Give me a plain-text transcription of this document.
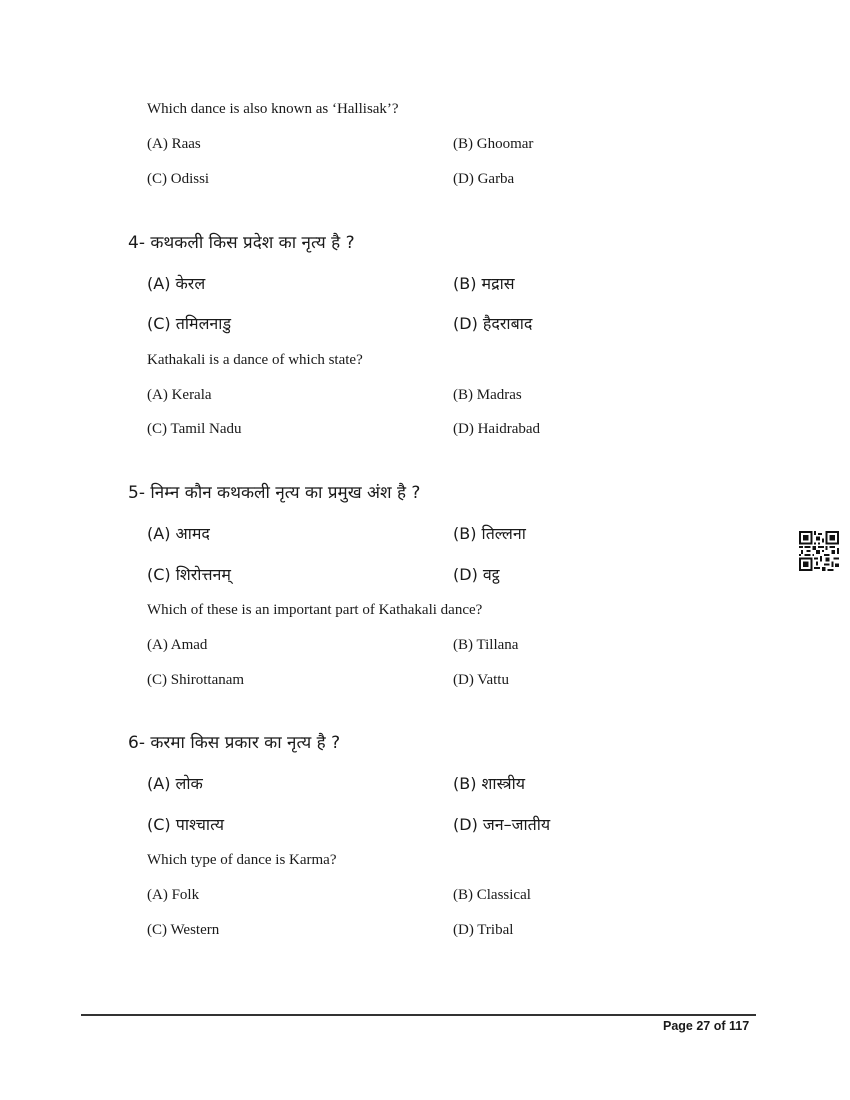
Which dance is also known as ‘Hallisak’?
(A) Raas	(B) Ghoomar
(C) Odissi	(D) Garba
4- कथकली किस प्रदेश का नृत्य है ?
(A) केरल	(B) मद्रास
(C) तमिलनाडु	(D) हैदराबाद
Kathakali is a dance of which state?
(A) Kerala	(B) Madras
(C) Tamil Nadu	(D) Haidrabad
5- निम्न कौन कथकली नृत्य का प्रमुख अंश है ?
(A) आमद	(B) तिल्लना
(C) शिरोत्तनम्	(D) वट्ठ
Which of these is an important part of Kathakali dance?
(A) Amad	(B) Tillana
(C) Shirottanam	(D) Vattu
6- करमा किस प्रकार का नृत्य है ?
(A) लोक	(B) शास्त्रीय
(C) पाश्चात्य	(D) जन–जातीय
Which type of dance is Karma?
(A) Folk	(B) Classical
(C) Western	(D) Tribal
Page 27 of 117
